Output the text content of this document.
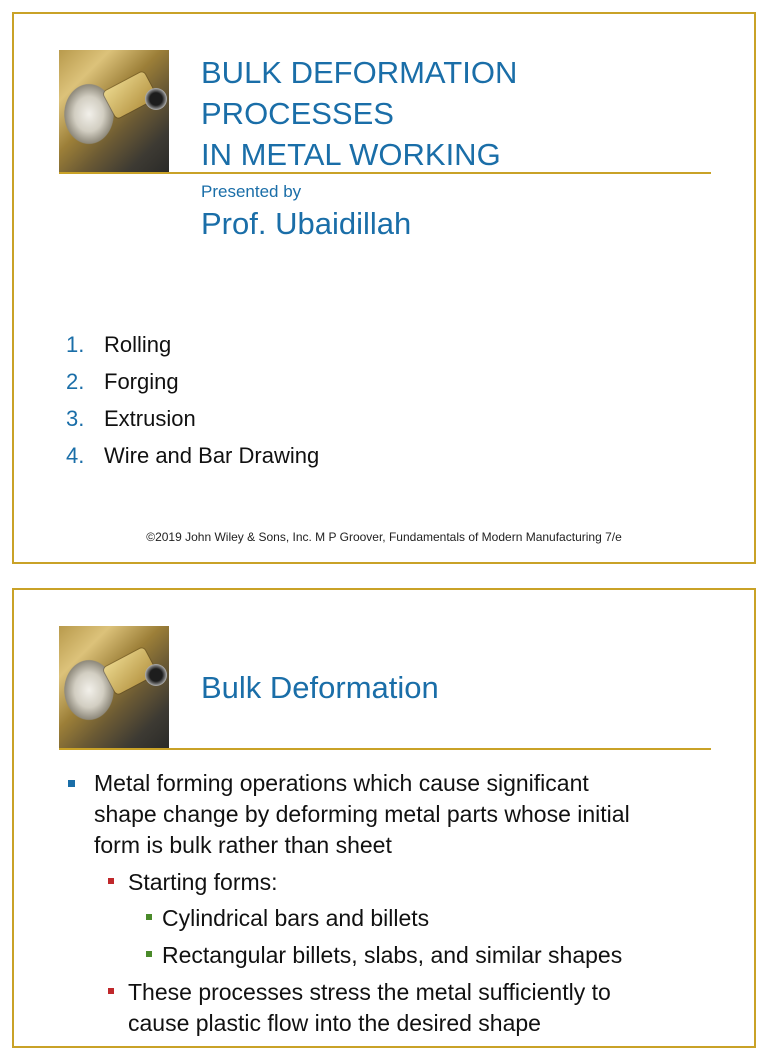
BULK DEFORMATION
PROCESSES
IN METAL WORKING
Presented by
Prof. Ubaidillah
1. Rolling
2. Forging
3. Extrusion
4. Wire and Bar Drawing
©2019 John Wiley & Sons, Inc. M P Groover, Fundamentals of Modern Manufacturing 7/e
Bulk Deformation
Metal forming operations which cause significant
shape change by deforming metal parts whose initial
form is bulk rather than sheet
Starting forms:
Cylindrical bars and billets
Rectangular billets, slabs, and similar shapes
These processes stress the metal sufficiently to
cause plastic flow into the desired shape
